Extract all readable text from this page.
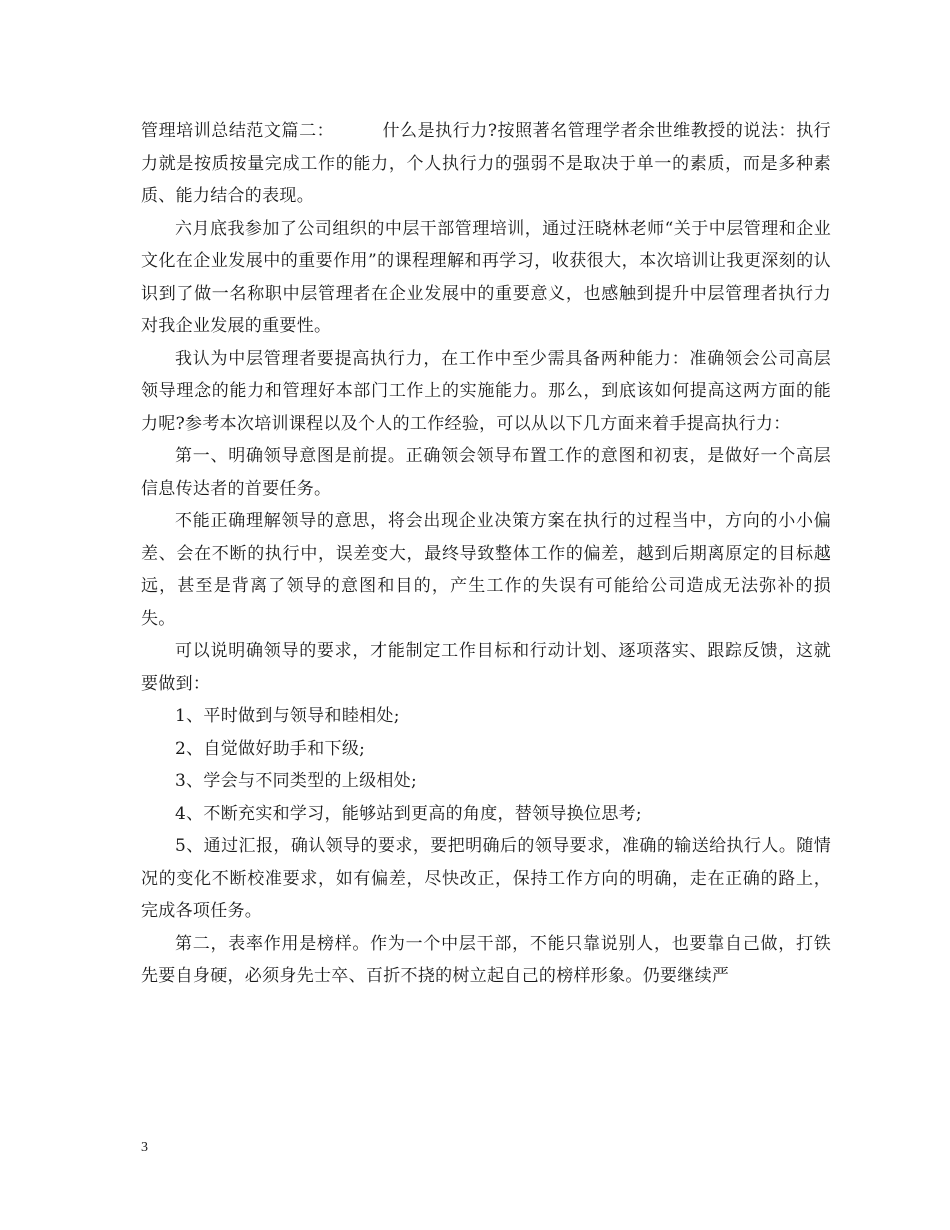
管理培训总结范文篇二：	什么是执行力?按照著名管理学者余世维教授的说法：执行力就是按质按量完成工作的能力，个人执行力的强弱不是取决于单一的素质，而是多种素质、能力结合的表现。

六月底我参加了公司组织的中层干部管理培训，通过汪晓林老师“关于中层管理和企业文化在企业发展中的重要作用”的课程理解和再学习，收获很大，本次培训让我更深刻的认识到了做一名称职中层管理者在企业发展中的重要意义，也感触到提升中层管理者执行力对我企业发展的重要性。

我认为中层管理者要提高执行力，在工作中至少需具备两种能力：准确领会公司高层领导理念的能力和管理好本部门工作上的实施能力。那么，到底该如何提高这两方面的能力呢?参考本次培训课程以及个人的工作经验，可以从以下几方面来着手提高执行力：

第一、明确领导意图是前提。正确领会领导布置工作的意图和初衷，是做好一个高层信息传达者的首要任务。

不能正确理解领导的意思，将会出现企业决策方案在执行的过程当中，方向的小小偏差、会在不断的执行中，误差变大，最终导致整体工作的偏差，越到后期离原定的目标越远，甚至是背离了领导的意图和目的，产生工作的失误有可能给公司造成无法弥补的损失。

可以说明确领导的要求，才能制定工作目标和行动计划、逐项落实、跟踪反馈，这就要做到：

1、平时做到与领导和睦相处;

2、自觉做好助手和下级;

3、学会与不同类型的上级相处;

4、不断充实和学习，能够站到更高的角度，替领导换位思考;

5、通过汇报，确认领导的要求，要把明确后的领导要求，准确的输送给执行人。随情况的变化不断校准要求，如有偏差，尽快改正，保持工作方向的明确，走在正确的路上，完成各项任务。

第二，表率作用是榜样。作为一个中层干部，不能只靠说别人，也要靠自己做，打铁先要自身硬，必须身先士卒、百折不挠的树立起自己的榜样形象。仍要继续严

3
